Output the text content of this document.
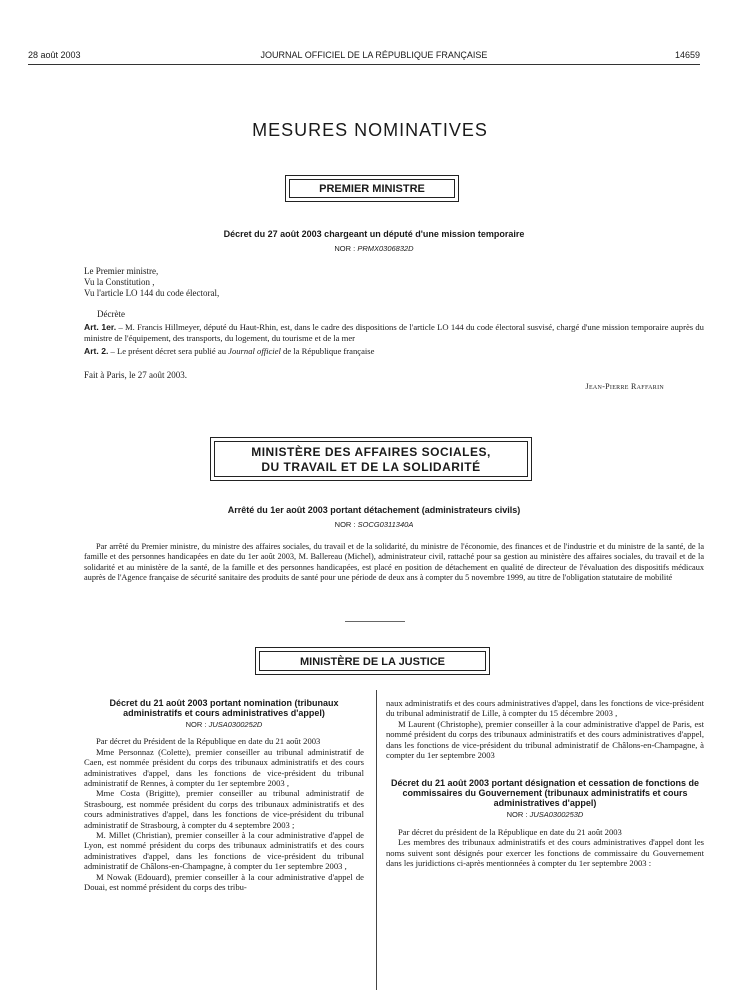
28 août 2003	JOURNAL OFFICIEL DE LA RÉPUBLIQUE FRANÇAISE	14659
MESURES NOMINATIVES
PREMIER MINISTRE
Décret du 27 août 2003 chargeant un député d'une mission temporaire
NOR : PRMX0306832D
Le Premier ministre,
Vu la Constitution ,
Vu l'article LO 144 du code électoral,
Décrète
Art. 1er. – M. Francis Hillmeyer, député du Haut-Rhin, est, dans le cadre des dispositions de l'article LO 144 du code électoral susvisé, chargé d'une mission temporaire auprès du ministre de l'équipement, des transports, du logement, du tourisme et de la mer
Art. 2. – Le présent décret sera publié au Journal officiel de la République française
Fait à Paris, le 27 août 2003.
Jean-Pierre Raffarin
MINISTÈRE DES AFFAIRES SOCIALES,
DU TRAVAIL ET DE LA SOLIDARITÉ
Arrêté du 1er août 2003 portant détachement (administrateurs civils)
NOR : SOCG0311340A
Par arrêté du Premier ministre, du ministre des affaires sociales, du travail et de la solidarité, du ministre de l'économie, des finances et de l'industrie et du ministre de la santé, de la famille et des personnes handicapées en date du 1er août 2003, M. Ballereau (Michel), administrateur civil, rattaché pour sa gestion au ministère des affaires sociales, du travail et de la solidarité et au ministère de la santé, de la famille et des personnes handicapées, est placé en position de détachement en qualité de directeur de l'évaluation des dispositifs médicaux auprès de l'Agence française de sécurité sanitaire des produits de santé pour une période de deux ans à compter du 5 novembre 1999, au titre de l'obligation statutaire de mobilité
MINISTÈRE DE LA JUSTICE
Décret du 21 août 2003 portant nomination (tribunaux administratifs et cours administratives d'appel)
NOR : JUSA0300252D

Par décret du Président de la République en date du 21 août 2003

Mme Personnaz (Colette), premier conseiller au tribunal administratif de Caen, est nommée président du corps des tribunaux administratifs et des cours administratives d'appel, dans les fonctions de vice-président du tribunal administratif de Rennes, à compter du 1er septembre 2003 ,

Mme Costa (Brigitte), premier conseiller au tribunal administratif de Strasbourg, est nommée président du corps des tribunaux administratifs et des cours administratives d'appel, dans les fonctions de vice-président du tribunal administratif de Strasbourg, à compter du 4 septembre 2003 ;

M. Millet (Christian), premier conseiller à la cour administrative d'appel de Lyon, est nommé président du corps des tribunaux administratifs et des cours administratives d'appel, dans les fonctions de vice-président du tribunal administratif de Châlons-en-Champagne, à compter du 1er septembre 2003 ,

M Nowak (Edouard), premier conseiller à la cour administrative d'appel de Douai, est nommé président du corps des tribu-

naux administratifs et des cours administratives d'appel, dans les fonctions de vice-président du tribunal administratif de Lille, à compter du 15 décembre 2003 ,

M Laurent (Christophe), premier conseiller à la cour administrative d'appel de Paris, est nommé président du corps des tribunaux administratifs et des cours administratives d'appel, dans les fonctions de vice-président du tribunal administratif de Châlons-en-Champagne, à compter du 1er septembre 2003

Décret du 21 août 2003 portant désignation et cessation de fonctions de commissaires du Gouvernement (tribunaux administratifs et cours administratives d'appel)
NOR : JUSA0300253D

Par décret du président de la République en date du 21 août 2003

Les membres des tribunaux administratifs et des cours administratives d'appel dont les noms suivent sont désignés pour exercer les fonctions de commissaire du Gouvernement dans les juridictions ci-après mentionnées à compter du 1er septembre 2003 :
